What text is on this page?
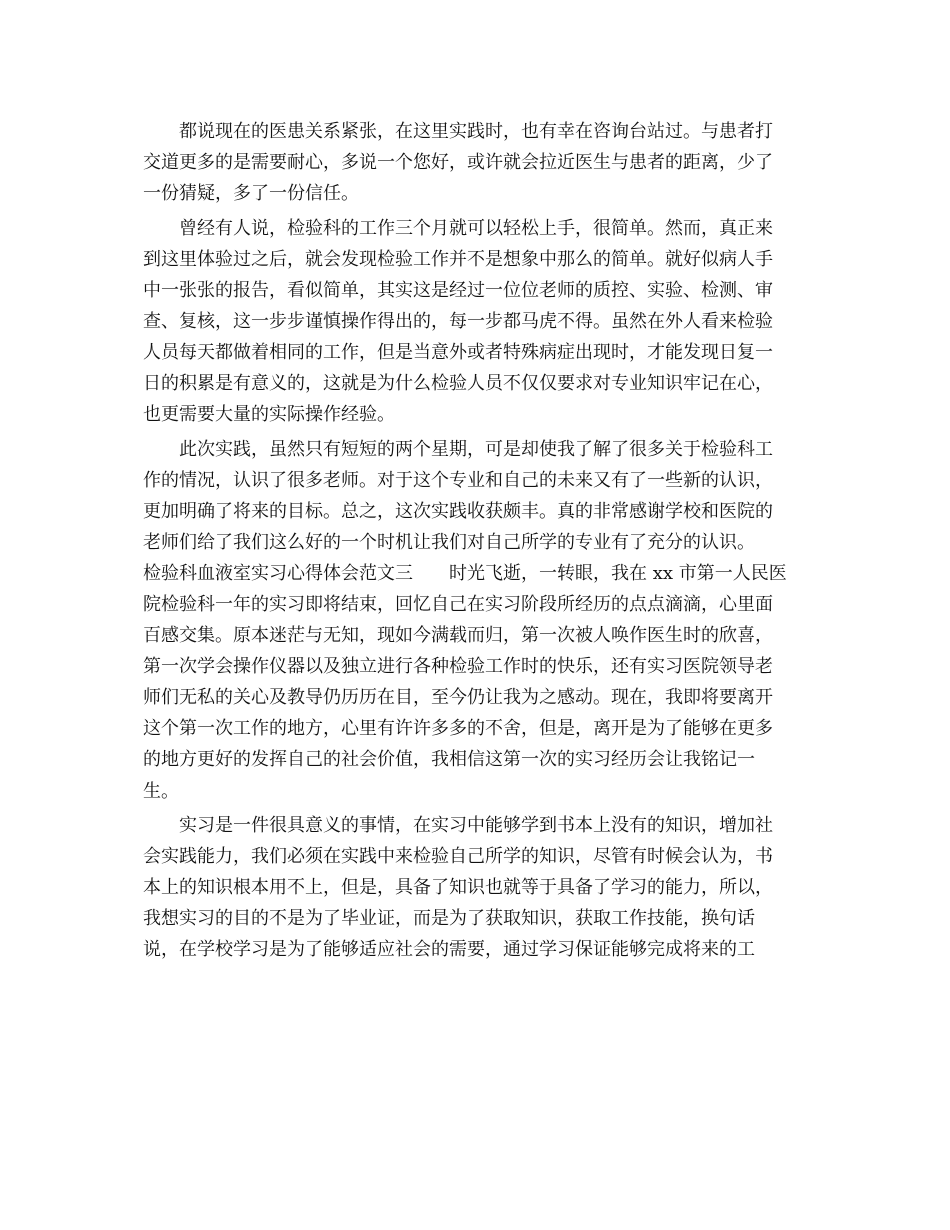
　　都说现在的医患关系紧张，在这里实践时，也有幸在咨询台站过。与患者打
交道更多的是需要耐心，多说一个您好，或许就会拉近医生与患者的距离，少了
一份猜疑，多了一份信任。
　　曾经有人说，检验科的工作三个月就可以轻松上手，很简单。然而，真正来
到这里体验过之后，就会发现检验工作并不是想象中那么的简单。就好似病人手
中一张张的报告，看似简单，其实这是经过一位位老师的质控、实验、检测、审
查、复核，这一步步谨慎操作得出的，每一步都马虎不得。虽然在外人看来检验
人员每天都做着相同的工作，但是当意外或者特殊病症出现时，才能发现日复一
日的积累是有意义的，这就是为什么检验人员不仅仅要求对专业知识牢记在心，
也更需要大量的实际操作经验。
　　此次实践，虽然只有短短的两个星期，可是却使我了解了很多关于检验科工
作的情况，认识了很多老师。对于这个专业和自己的未来又有了一些新的认识，
更加明确了将来的目标。总之，这次实践收获颇丰。真的非常感谢学校和医院的
老师们给了我们这么好的一个时机让我们对自己所学的专业有了充分的认识。
检验科血液室实习心得体会范文三　　时光飞逝，一转眼，我在 xx 市第一人民医
院检验科一年的实习即将结束，回忆自己在实习阶段所经历的点点滴滴，心里面
百感交集。原本迷茫与无知，现如今满载而归，第一次被人唤作医生时的欣喜，
第一次学会操作仪器以及独立进行各种检验工作时的快乐，还有实习医院领导老
师们无私的关心及教导仍历历在目，至今仍让我为之感动。现在，我即将要离开
这个第一次工作的地方，心里有许许多多的不舍，但是，离开是为了能够在更多
的地方更好的发挥自己的社会价值，我相信这第一次的实习经历会让我铭记一
生。
　　实习是一件很具意义的事情，在实习中能够学到书本上没有的知识，增加社
会实践能力，我们必须在实践中来检验自己所学的知识，尽管有时候会认为，书
本上的知识根本用不上，但是，具备了知识也就等于具备了学习的能力，所以，
我想实习的目的不是为了毕业证，而是为了获取知识，获取工作技能，换句话
说，在学校学习是为了能够适应社会的需要，通过学习保证能够完成将来的工
